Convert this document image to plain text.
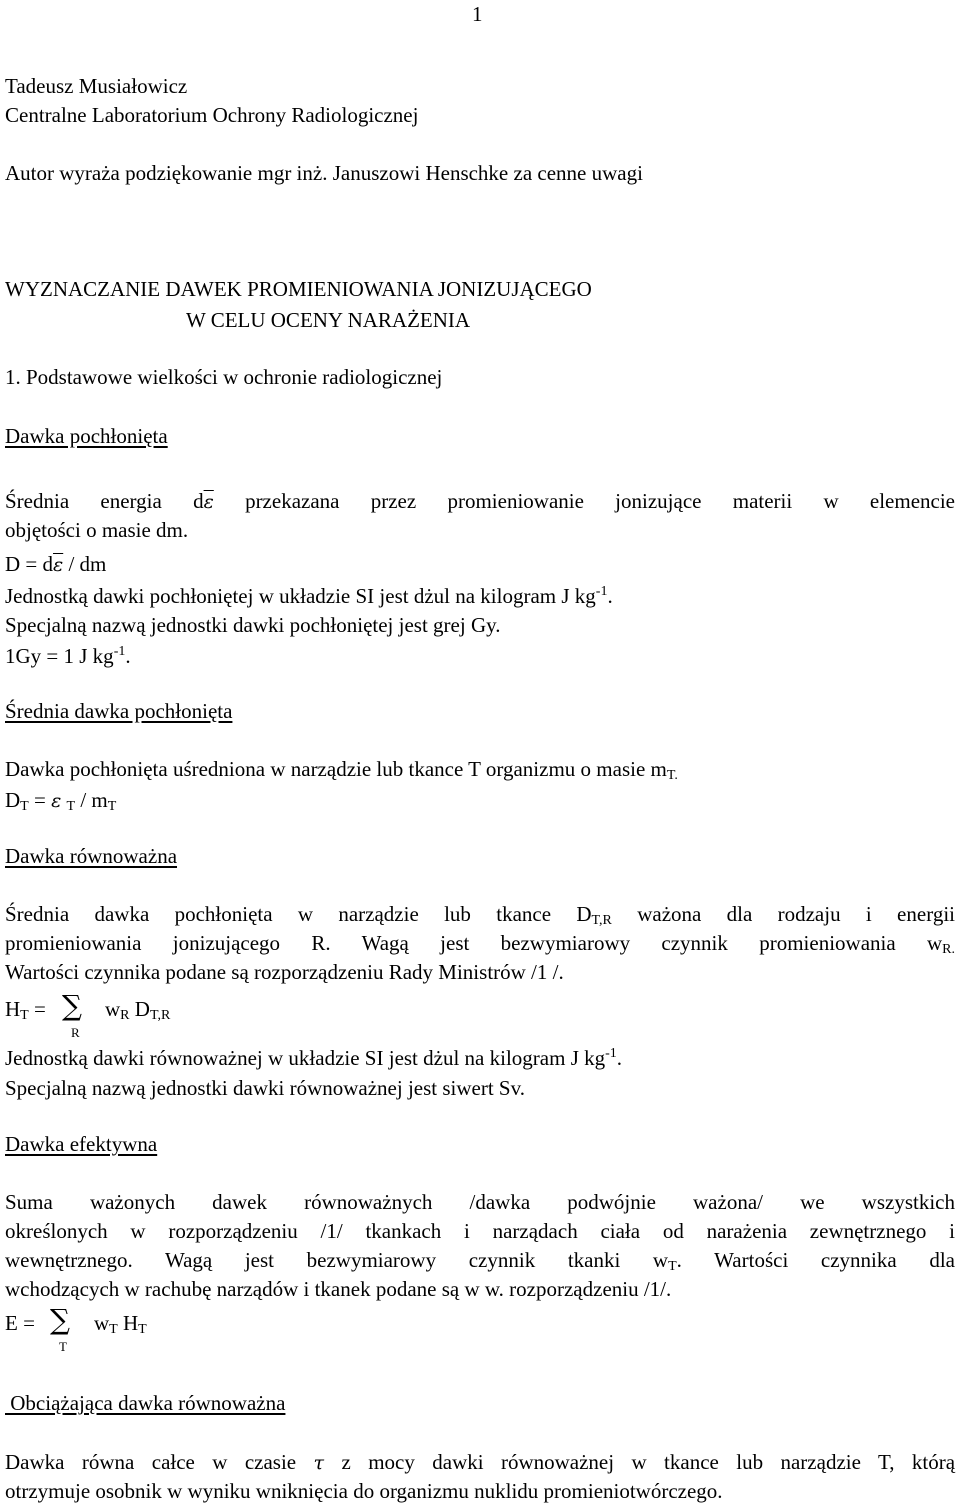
1
Tadeusz Musiałowicz
Centralne Laboratorium Ochrony Radiologicznej
Autor wyraża podziękowanie mgr inż. Januszowi Henschke za cenne uwagi
WYZNACZANIE DAWEK PROMIENIOWANIA JONIZUJĄCEGO
W CELU OCENY NARAŻENIA
1. Podstawowe wielkości w ochronie radiologicznej
Dawka pochłonięta
Średnia energia $d\overline{\varepsilon}$ przekazana przez promieniowanie jonizujące materii w elemencie
objętości o masie dm.
$D = d\overline{\varepsilon}$ / dm
Jednostką dawki pochłoniętej w układzie SI jest dżul na kilogram J $kg^{-1}$.
Specjalną nazwą jednostki dawki pochłoniętej jest grej Gy.
1Gy = 1 J $kg^{-1}$.
Średnia dawka pochłonięta
Dawka pochłonięta uśredniona w narządzie lub tkance T organizmu o masie $m_{T.}$
$D_T = \varepsilon$ $_T / m_T$
Dawka równoważna
Średnia dawka pochłonięta w narządzie lub tkance $D_{T,R}$ ważona dla rodzaju i energii
promieniowania jonizującego R. Wagą jest bezwymiarowy czynnik promieniowania $w_{R.}$
Wartości czynnika podane są rozporządzeniu Rady Ministrów /1 /.
$H_T$ = ∑
R
$w_R$ $D_{T,R}$
Jednostką dawki równoważnej w układzie SI jest dżul na kilogram J $kg^{-1}$.
Specjalną nazwą jednostki dawki równoważnej jest siwert Sv.
Dawka efektywna
Suma ważonych dawek równoważnych /dawka podwójnie ważona/ we wszystkich
określonych w rozporządzeniu /1/ tkankach i narządach ciała od narażenia zewnętrznego i
wewnętrznego. Wagą jest bezwymiarowy czynnik tkanki $w_T$. Wartości czynnika dla
wchodzących w rachubę narządów i tkanek podane są w w. rozporządzeniu /1/.
E = ∑
T
$w_T$ $H_T$
Obciążająca dawka równoważna
Dawka równa całce w czasie τ z mocy dawki równoważnej w tkance lub narządzie T, którą
otrzymuje osobnik w wyniku wniknięcia do organizmu nuklidu promieniotwórczego.
